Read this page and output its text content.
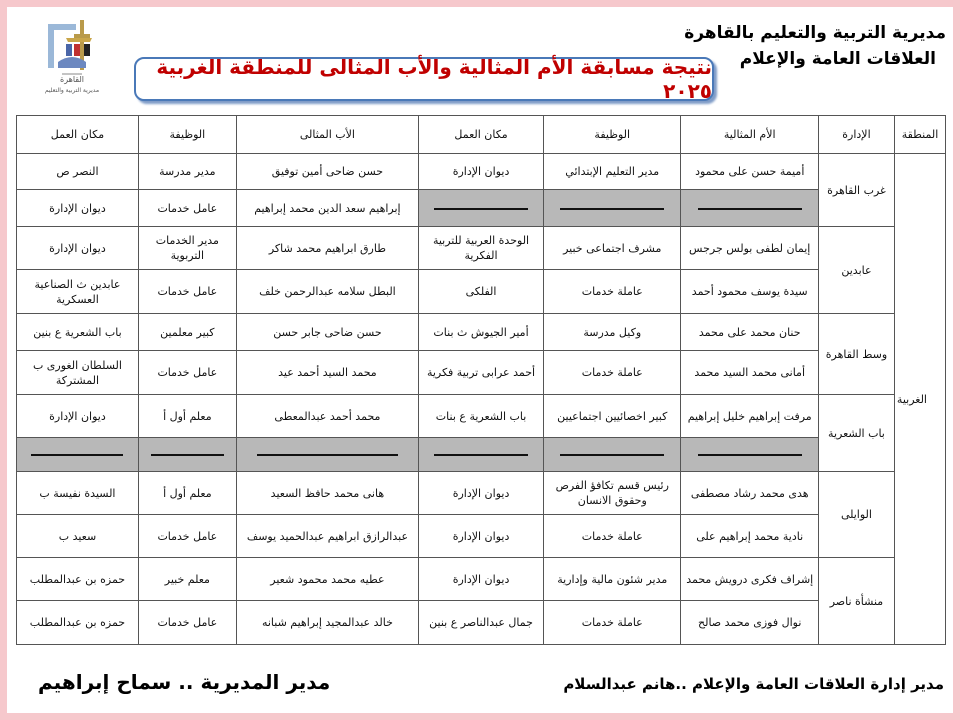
مديرية التربية والتعليم بالقاهرة
العلاقات العامة والإعلام
القاهرة
مديرية التربية والتعليم
نتيجة مسابقة الأم المثالية والأب المثالى للمنطقة الغربية ٢٠٢٥
المنطقة	الإدارة	الأم المثالية	الوظيفة	مكان العمل	الأب المثالى	الوظيفة	مكان العمل

الغربية	غرب القاهرة	أميمة حسن على محمود	مدير التعليم الإبتدائي	ديوان الإدارة	حسن ضاحى أمين توفيق	مدير مدرسة	النصر ص
					إبراهيم سعد الدين محمد إبراهيم	عامل خدمات	ديوان الإدارة
	عابدين	إيمان لطفى بولس جرجس	مشرف اجتماعى خبير	الوحدة العربية للتربية الفكرية	طارق ابراهيم محمد شاكر	مدير الخدمات التربوية	ديوان الإدارة
		سيدة يوسف محمود أحمد	عاملة خدمات	الفلكى	البطل سلامه عبدالرحمن خلف	عامل خدمات	عابدين ث الصناعية العسكرية
	وسط القاهرة	حنان محمد على محمد	وكيل مدرسة	أمير الجيوش ث بنات	حسن ضاحى جابر حسن	كبير معلمين	باب الشعرية ع بنين
		أمانى محمد السيد محمد	عاملة خدمات	أحمد عرابى تربية فكرية	محمد السيد أحمد عيد	عامل خدمات	السلطان الغورى ب المشتركة
	باب الشعرية	مرفت إبراهيم خليل إبراهيم	كبير اخصائيين اجتماعيين	باب الشعرية ع بنات	محمد أحمد عبدالمعطى	معلم أول أ	ديوان الإدارة

	الوايلى	هدى محمد رشاد مصطفى	رئيس قسم تكافؤ الفرص وحقوق الانسان	ديوان الإدارة	هانى محمد حافظ السعيد	معلم أول أ	السيدة نفيسة ب
		نادية محمد إبراهيم على	عاملة خدمات	ديوان الإدارة	عبدالرازق ابراهيم عبدالحميد يوسف	عامل خدمات	سعيد ب
	منشأة ناصر	إشراف فكرى درويش محمد	مدير شئون مالية وإدارية	ديوان الإدارة	عطيه محمد محمود شعير	معلم خبير	حمزه بن عبدالمطلب
		نوال فوزى محمد صالح	عاملة خدمات	جمال عبدالناصر ع بنين	خالد عبدالمجيد إبراهيم شبانه	عامل خدمات	حمزه بن عبدالمطلب
مدير إدارة العلاقات العامة والإعلام ..هانم عبدالسلام
مدير المديرية .. سماح إبراهيم
